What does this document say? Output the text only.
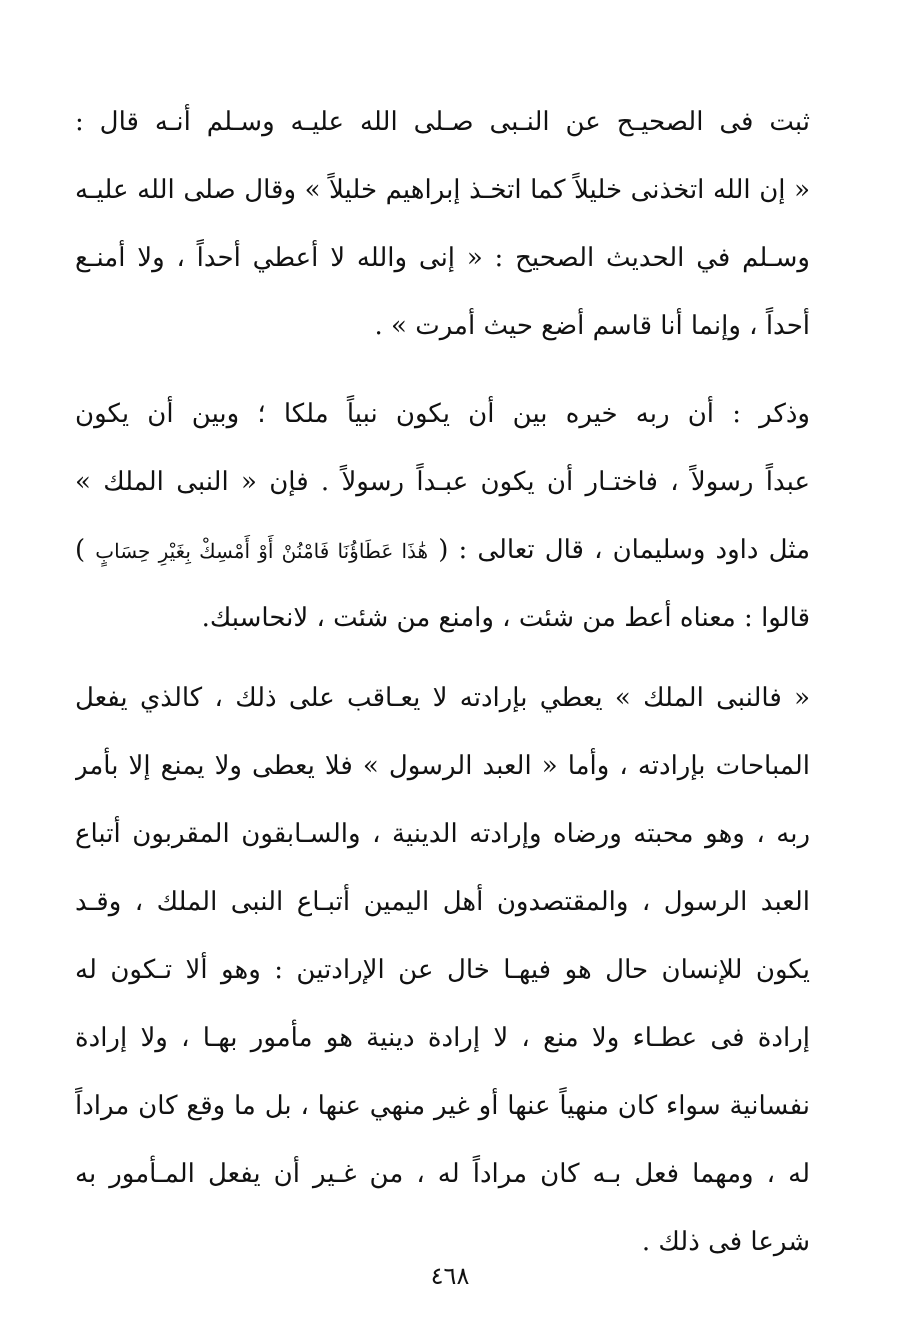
ثبت فى الصحيـح عن النـبى صـلى الله عليـه وسـلم أنـه قال :
« إن الله اتخذنى خليلاً كما اتخـذ إبراهيم خليلاً » وقال صلى الله عليـه
وسـلم في الحديث الصحيح : « إنى والله لا أعطي أحداً ، ولا أمنـع
أحداً ، وإنما أنا قاسم أضع حيث أمرت » .
وذكر : أن ربه خيره بين أن يكون نبياً ملكا ؛ وبين أن يكون
عبداً رسولاً ، فاختـار أن يكون عبـداً رسولاً . فإن « النبى الملك »
مثل داود وسليمان ، قال تعالى : ( هَٰذَا عَطَاؤُنَا فَامْنُنْ أَوْ أَمْسِكْ بِغَيْرِ حِسَابٍ )
قالوا : معناه أعط من شئت ، وامنع من شئت ، لانحاسبك.
« فالنبى الملك » يعطي بإرادته لا يعـاقب على ذلك ، كالذي يفعل
المباحات بإرادته ، وأما « العبد الرسول » فلا يعطى ولا يمنع إلا بأمر
ربه ، وهو محبته ورضاه وإرادته الدينية ، والسـابقون المقربون أتباع
العبد الرسول ، والمقتصدون أهل اليمين أتبـاع النبى الملك ، وقـد
يكون للإنسان حال هو فيهـا خال عن الإرادتين : وهو ألا تـكون له
إرادة فى عطـاء ولا منع ، لا إرادة دينية هو مأمور بهـا ، ولا إرادة
نفسانية سواء كان منهياً عنها أو غير منهي عنها ، بل ما وقع كان مراداً
له ، ومهما فعل بـه كان مراداً له ، من غـير أن يفعل المـأمور به
شرعا فى ذلك .
٤٦٨
